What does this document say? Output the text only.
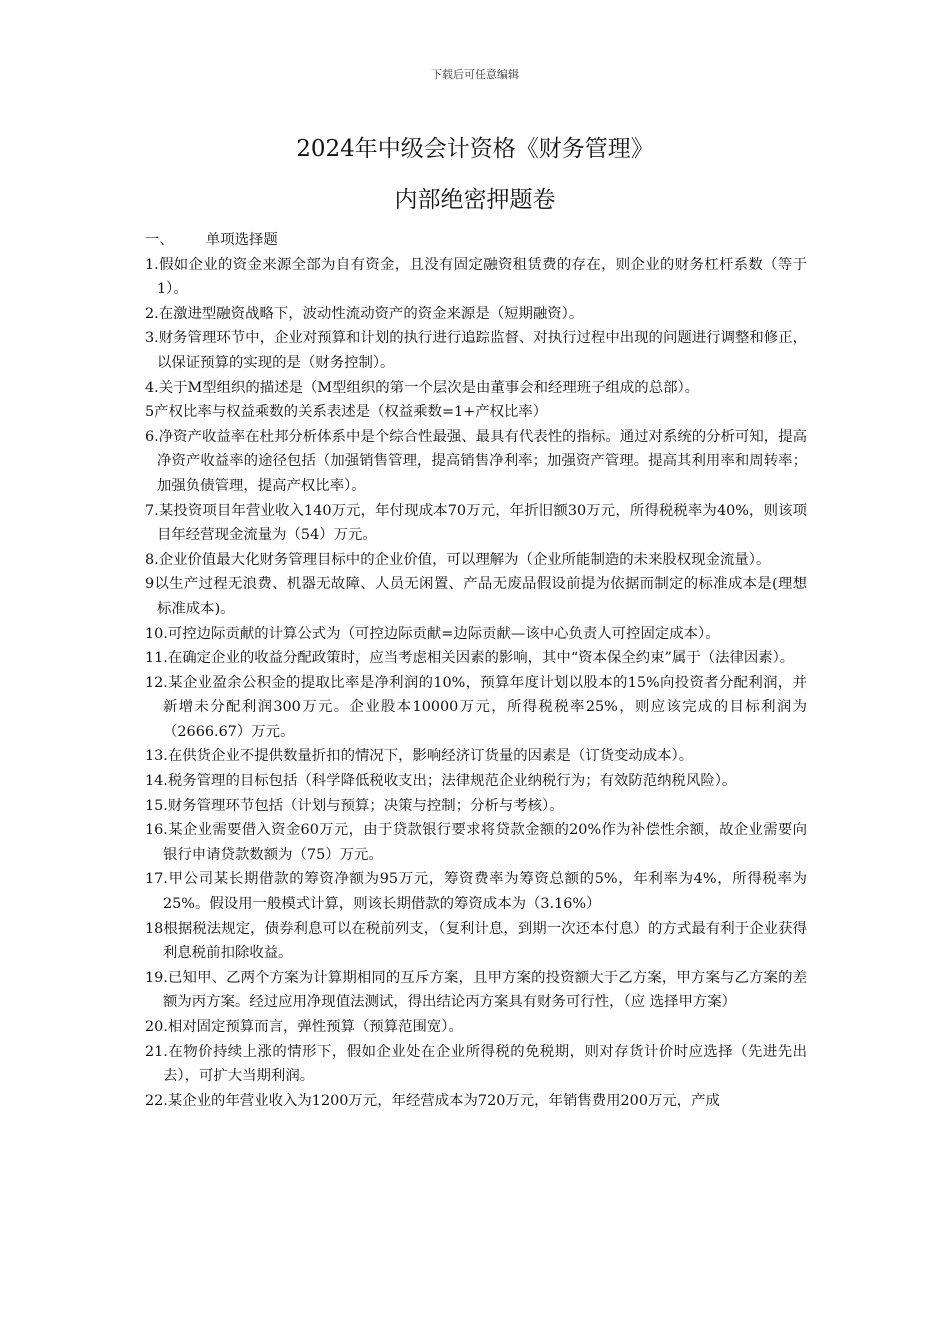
下载后可任意编辑
2024年中级会计资格《财务管理》
内部绝密押题卷
一、       单项选择题

1.假如企业的资金来源全部为自有资金，且没有固定融资租赁费的存在，则企业的财务杠杆系数（等于1）。

2.在激进型融资战略下，波动性流动资产的资金来源是（短期融资）。

3.财务管理环节中，企业对预算和计划的执行进行追踪监督、对执行过程中出现的问题进行调整和修正，以保证预算的实现的是（财务控制）。

4.关于M型组织的描述是（M型组织的第一个层次是由董事会和经理班子组成的总部）。

5产权比率与权益乘数的关系表述是（权益乘数=1+产权比率）

6.净资产收益率在杜邦分析体系中是个综合性最强、最具有代表性的指标。通过对系统的分析可知，提高净资产收益率的途径包括（加强销售管理，提高销售净利率；加强资产管理。提高其利用率和周转率；加强负债管理，提高产权比率）。

7.某投资项目年营业收入140万元，年付现成本70万元，年折旧额30万元，所得税税率为40%，则该项目年经营现金流量为（54）万元。

8.企业价值最大化财务管理目标中的企业价值，可以理解为（企业所能制造的未来股权现金流量）。

9以生产过程无浪费、机器无故障、人员无闲置、产品无废品假设前提为依据而制定的标准成本是(理想标准成本)。

10.可控边际贡献的计算公式为（可控边际贡献=边际贡献—该中心负责人可控固定成本）。

11.在确定企业的收益分配政策时，应当考虑相关因素的影响，其中“资本保全约束”属于（法律因素）。

12.某企业盈余公积金的提取比率是净利润的10%，预算年度计划以股本的15%向投资者分配利润，并新增未分配利润300万元。企业股本10000万元，所得税税率25%，则应该完成的目标利润为（2666.67）万元。

13.在供货企业不提供数量折扣的情况下，影响经济订货量的因素是（订货变动成本）。

14.税务管理的目标包括（科学降低税收支出；法律规范企业纳税行为；有效防范纳税风险）。

15.财务管理环节包括（计划与预算；决策与控制；分析与考核）。

16.某企业需要借入资金60万元，由于贷款银行要求将贷款金额的20%作为补偿性余额，故企业需要向银行申请贷款数额为（75）万元。

17.甲公司某长期借款的筹资净额为95万元，筹资费率为筹资总额的5%，年利率为4%，所得税率为25%。假设用一般模式计算，则该长期借款的筹资成本为（3.16%）

18根据税法规定，债券利息可以在税前列支，（复利计息，到期一次还本付息）的方式最有利于企业获得利息税前扣除收益。

19.已知甲、乙两个方案为计算期相同的互斥方案，且甲方案的投资额大于乙方案，甲方案与乙方案的差额为丙方案。经过应用净现值法测试，得出结论丙方案具有财务可行性，（应 选择甲方案）

20.相对固定预算而言，弹性预算（预算范围宽）。

21.在物价持续上涨的情形下，假如企业处在企业所得税的免税期，则对存货计价时应选择（先进先出去），可扩大当期利润。

22.某企业的年营业收入为1200万元，年经营成本为720万元，年销售费用200万元，产成
